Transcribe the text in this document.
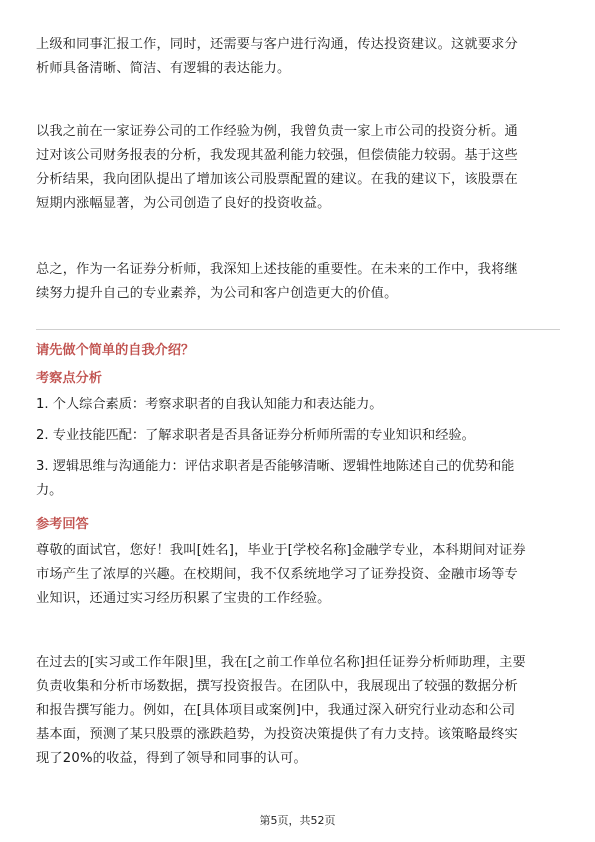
上级和同事汇报工作，同时，还需要与客户进行沟通，传达投资建议。这就要求分
析师具备清晰、简洁、有逻辑的表达能力。
以我之前在一家证券公司的工作经验为例，我曾负责一家上市公司的投资分析。通
过对该公司财务报表的分析，我发现其盈利能力较强，但偿债能力较弱。基于这些
分析结果，我向团队提出了增加该公司股票配置的建议。在我的建议下，该股票在
短期内涨幅显著，为公司创造了良好的投资收益。
总之，作为一名证券分析师，我深知上述技能的重要性。在未来的工作中，我将继
续努力提升自己的专业素养，为公司和客户创造更大的价值。

请先做个简单的自我介绍？

考察点分析

1. 个人综合素质：考察求职者的自我认知能力和表达能力。
2. 专业技能匹配：了解求职者是否具备证券分析师所需的专业知识和经验。
3. 逻辑思维与沟通能力：评估求职者是否能够清晰、逻辑性地陈述自己的优势和能
力。

参考回答

尊敬的面试官，您好！我叫[姓名]，毕业于[学校名称]金融学专业，本科期间对证券
市场产生了浓厚的兴趣。在校期间，我不仅系统地学习了证券投资、金融市场等专
业知识，还通过实习经历积累了宝贵的工作经验。
在过去的[实习或工作年限]里，我在[之前工作单位名称]担任证券分析师助理，主要
负责收集和分析市场数据，撰写投资报告。在团队中，我展现出了较强的数据分析
和报告撰写能力。例如，在[具体项目或案例]中，我通过深入研究行业动态和公司
基本面，预测了某只股票的涨跌趋势，为投资决策提供了有力支持。该策略最终实
现了20%的收益，得到了领导和同事的认可。

第5页，共52页
